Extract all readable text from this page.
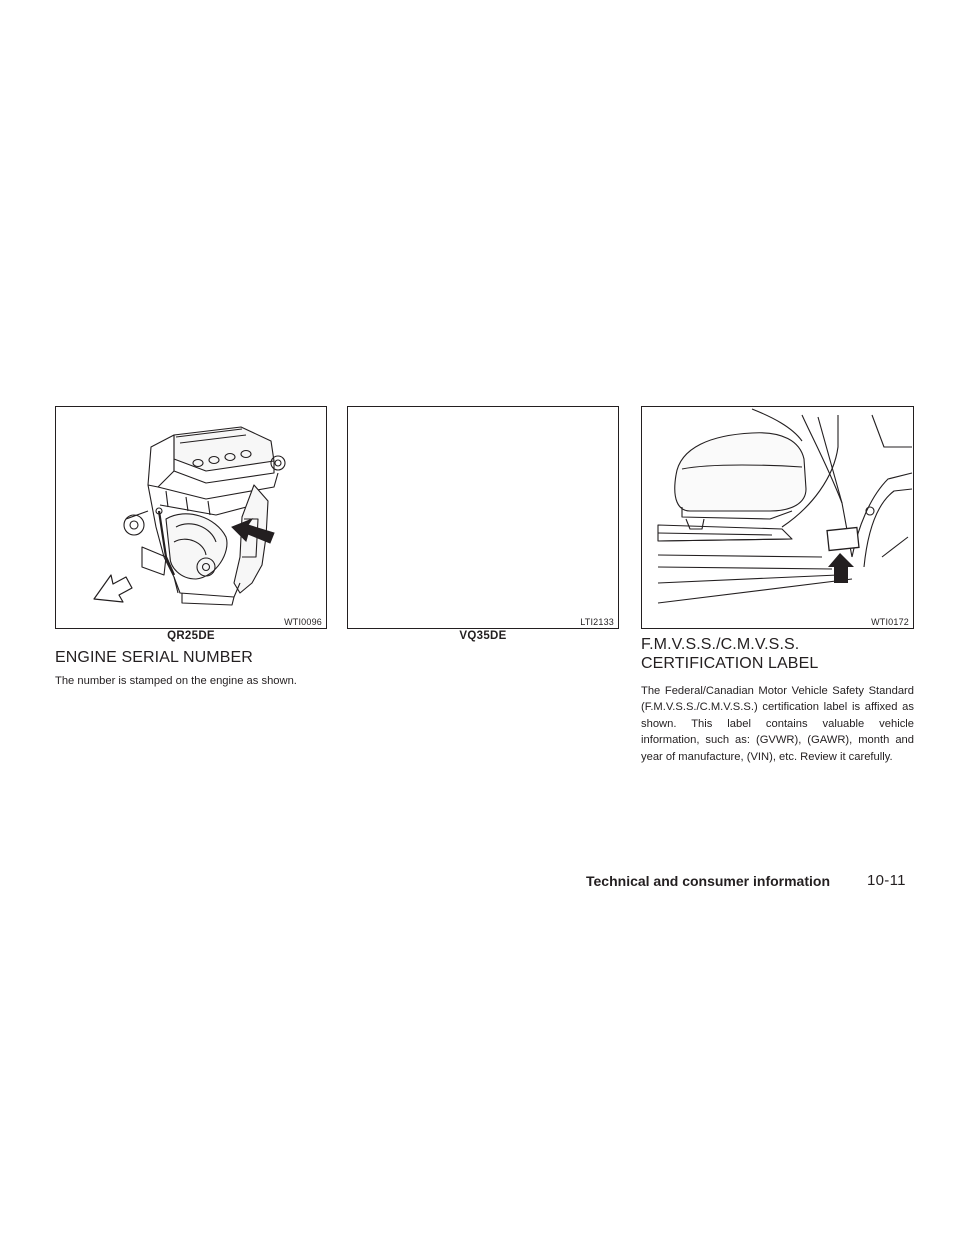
WTI0096
QR25DE
LTI2133
VQ35DE
WTI0172
ENGINE SERIAL NUMBER

The number is stamped on the engine as shown.

F.M.V.S.S./C.M.V.S.S.
CERTIFICATION LABEL

The Federal/Canadian Motor Vehicle Safety Standard (F.M.V.S.S./C.M.V.S.S.) certification label is affixed as shown. This label contains valuable vehicle information, such as: (GVWR), (GAWR), month and year of manufacture, (VIN), etc. Review it carefully.

Technical and consumer information 10-11
